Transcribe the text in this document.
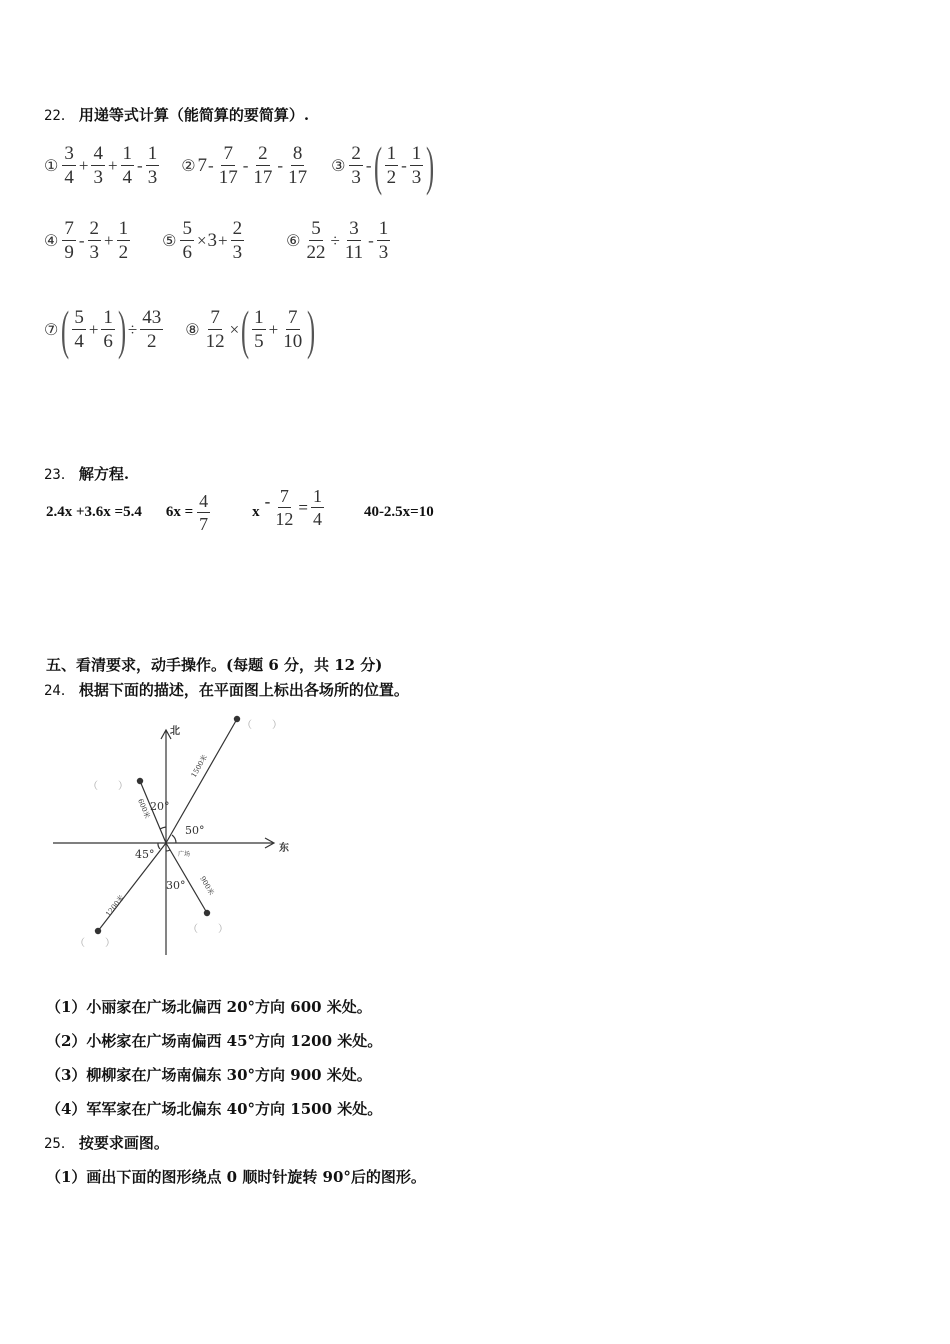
22． 用递等式计算（能简算的要简算）.
① $\frac{3}{4} + \frac{4}{3} + \frac{1}{4} - \frac{1}{3}$ ② $7 - \frac{7}{17} - \frac{2}{17} - \frac{8}{17}$ ③ $\frac{2}{3}$ - ( $\frac{1}{2} - \frac{1}{3}$ )
④ $\frac{7}{9} - \frac{2}{3} + \frac{1}{2}$ ⑤ $\frac{5}{6} \times 3 + \frac{2}{3}$	⑥ $\frac{5}{22} \div \frac{3}{11} - \frac{1}{3}$
⑦ ( $\frac{5}{4} + \frac{1}{6}$ ) ÷ $\frac{43}{2}$ ⑧ $\frac{7}{12}$ × ( $\frac{1}{5} + \frac{7}{10}$ )
23． 解方程.
2.4x +3.6x =5.4 $6x = \frac{4}{7}$	x
- $\frac{7}{12} = \frac{1}{4}$	40-2.5x=10
五、看清要求，动手操作。(每题 6 分，共 12 分)
24． 根据下面的描述，在平面图上标出各场所的位置。
北
东
20°
50°
45°
30°
广场
600米
1500米
1200米
900米
（　　）
（　　）
（　　）
（　　）
（1）小丽家在广场北偏西 20°方向 600 米处。
（2）小彬家在广场南偏西 45°方向 1200 米处。
（3）柳柳家在广场南偏东 30°方向 900 米处。
（4）军军家在广场北偏东 40°方向 1500 米处。
25． 按要求画图。
（1）画出下面的图形绕点 0 顺时针旋转 90°后的图形。
